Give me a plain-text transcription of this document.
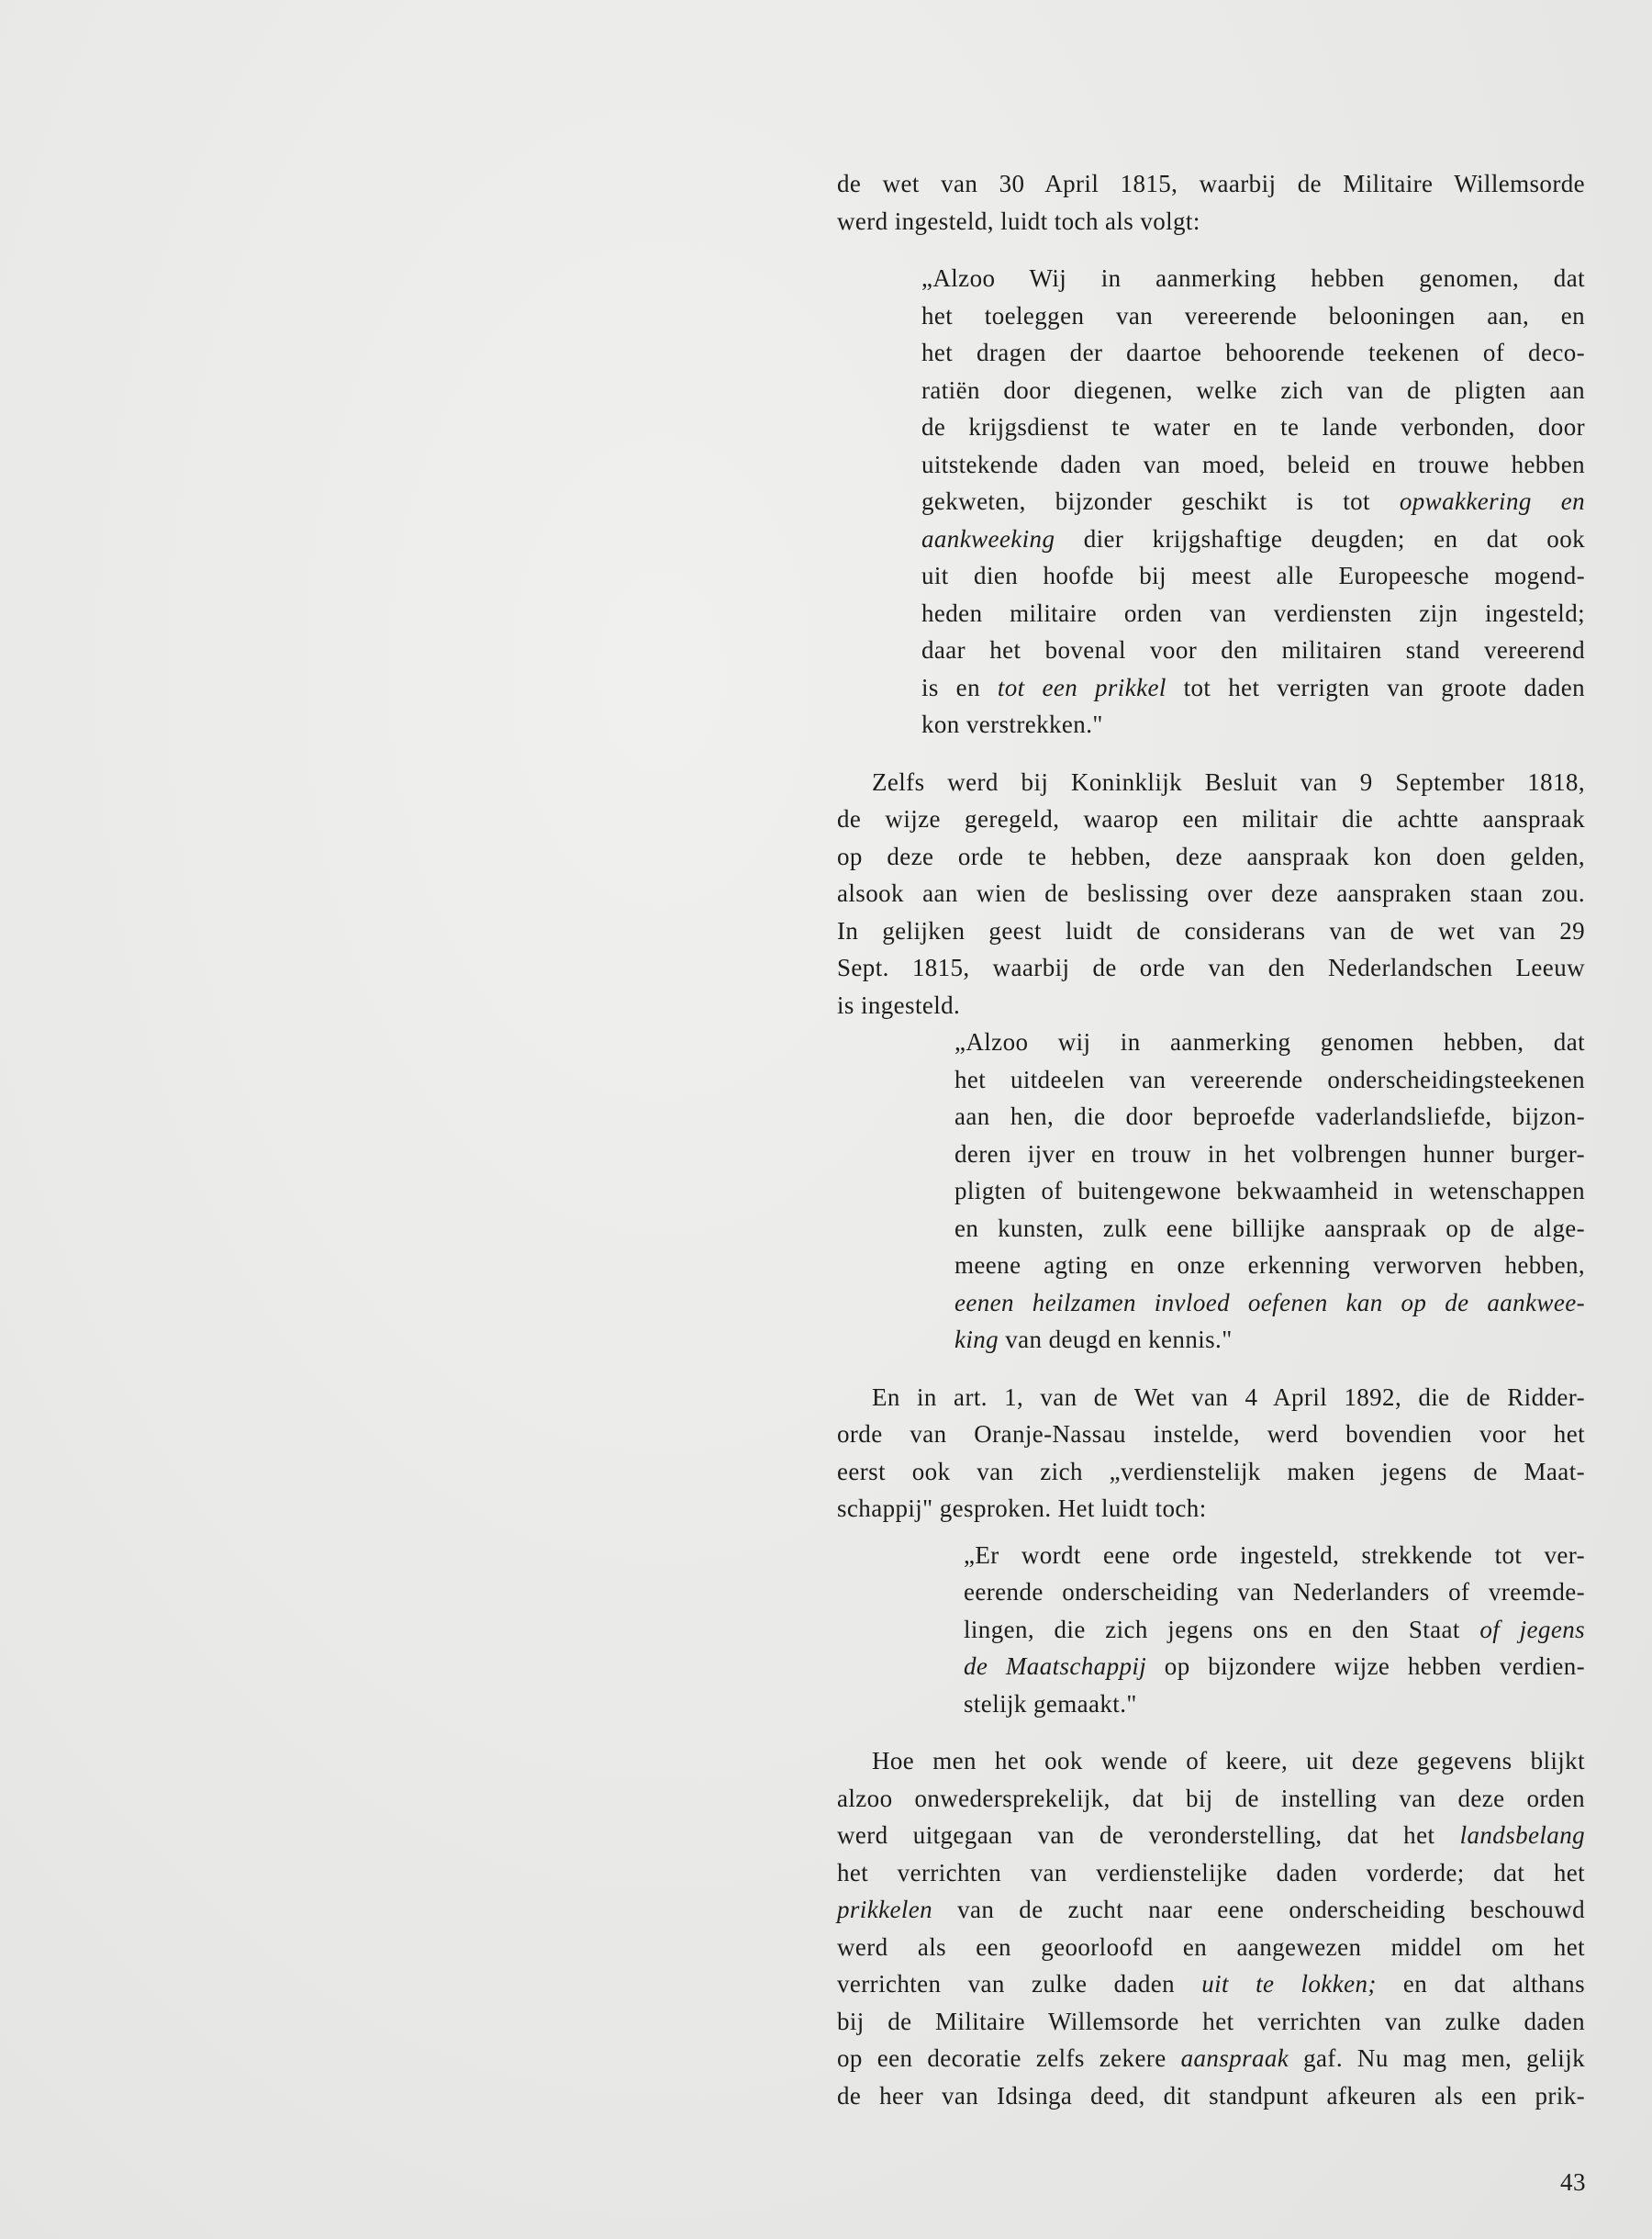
de wet van 30 April 1815, waarbij de Militaire Willemsorde
werd ingesteld, luidt toch als volgt:
„Alzoo Wij in aanmerking hebben genomen, dat
het toeleggen van vereerende belooningen aan, en
het dragen der daartoe behoorende teekenen of deco-
ratiën door diegenen, welke zich van de pligten aan
de krijgsdienst te water en te lande verbonden, door
uitstekende daden van moed, beleid en trouwe hebben
gekweten, bijzonder geschikt is tot opwakkering en
aankweeking dier krijgshaftige deugden; en dat ook
uit dien hoofde bij meest alle Europeesche mogend-
heden militaire orden van verdiensten zijn ingesteld;
daar het bovenal voor den militairen stand vereerend
is en tot een prikkel tot het verrigten van groote daden
kon verstrekken."
Zelfs werd bij Koninklijk Besluit van 9 September 1818,
de wijze geregeld, waarop een militair die achtte aanspraak
op deze orde te hebben, deze aanspraak kon doen gelden,
alsook aan wien de beslissing over deze aanspraken staan zou.
In gelijken geest luidt de considerans van de wet van 29
Sept. 1815, waarbij de orde van den Nederlandschen Leeuw
is ingesteld.
„Alzoo wij in aanmerking genomen hebben, dat
het uitdeelen van vereerende onderscheidingsteekenen
aan hen, die door beproefde vaderlandsliefde, bijzon-
deren ijver en trouw in het volbrengen hunner burger-
pligten of buitengewone bekwaamheid in wetenschappen
en kunsten, zulk eene billijke aanspraak op de alge-
meene agting en onze erkenning verworven hebben,
eenen heilzamen invloed oefenen kan op de aankwee-
king van deugd en kennis."
En in art. 1, van de Wet van 4 April 1892, die de Ridder-
orde van Oranje-Nassau instelde, werd bovendien voor het
eerst ook van zich „verdienstelijk maken jegens de Maat-
schappij" gesproken. Het luidt toch:
„Er wordt eene orde ingesteld, strekkende tot ver-
eerende onderscheiding van Nederlanders of vreemde-
lingen, die zich jegens ons en den Staat of jegens
de Maatschappij op bijzondere wijze hebben verdien-
stelijk gemaakt."
Hoe men het ook wende of keere, uit deze gegevens blijkt
alzoo onwedersprekelijk, dat bij de instelling van deze orden
werd uitgegaan van de veronderstelling, dat het landsbelang
het verrichten van verdienstelijke daden vorderde; dat het
prikkelen van de zucht naar eene onderscheiding beschouwd
werd als een geoorloofd en aangewezen middel om het
verrichten van zulke daden uit te lokken; en dat althans
bij de Militaire Willemsorde het verrichten van zulke daden
op een decoratie zelfs zekere aanspraak gaf. Nu mag men, gelijk
de heer van Idsinga deed, dit standpunt afkeuren als een prik-
43
